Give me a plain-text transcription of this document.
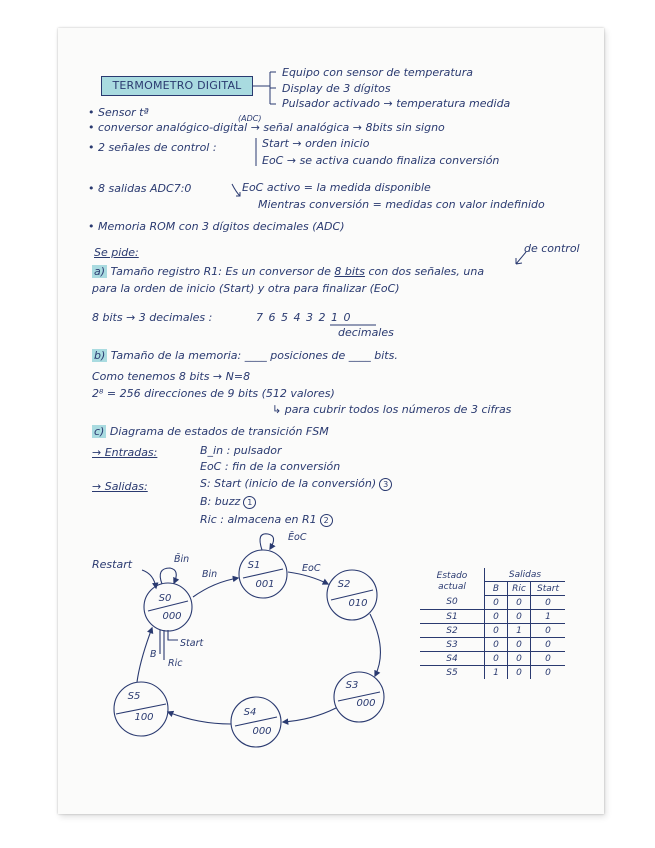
TERMOMETRO DIGITAL
Equipo con sensor de temperatura
Display de 3 dígitos
Pulsador activado → temperatura medida
• Sensor tª	(ADC)
• conversor analógico-digital → señal analógica → 8bits sin signo
• 2 señales de control :	Start → orden inicio
EoC → se activa cuando finaliza conversión
• 8 salidas ADC7:0	EoC activo = la medida disponible
Mientras conversión = medidas con valor indefinido
• Memoria ROM con 3 dígitos decimales (ADC)
Se pide:	de control
a) Tamaño registro R1: Es un conversor de 8 bits con dos señales, una
para la orden de inicio (Start) y otra para finalizar (EoC)
8 bits → 3 decimales :	7 6 5 4 3 2 1 0
decimales
b) Tamaño de la memoria: ____ posiciones de ____ bits.
Como tenemos 8 bits → N=8
2⁸ = 256 direcciones de 9 bits (512 valores)
↳ para cubrir todos los números de 3 cifras
c) Diagrama de estados de transición FSM
→ Entradas:	B_in : pulsador
EoC : fin de la conversión
→ Salidas:	S: Start (inicio de la conversión) 3
B: buzz 1
Ric : almacena en R1 2
Restart	B̄in
Bin
ĒoC
EoC
Start
B
Ric
S0
000
S1
001	S2
010
S3
000
S4
000
S5
100
Estado actual	Salidas		
	B	Ric	Start
S0	0	0	0
S1	0	0	1
S2	0	1	0
S3	0	0	0
S4	0	0	0
S5	1	0	0
